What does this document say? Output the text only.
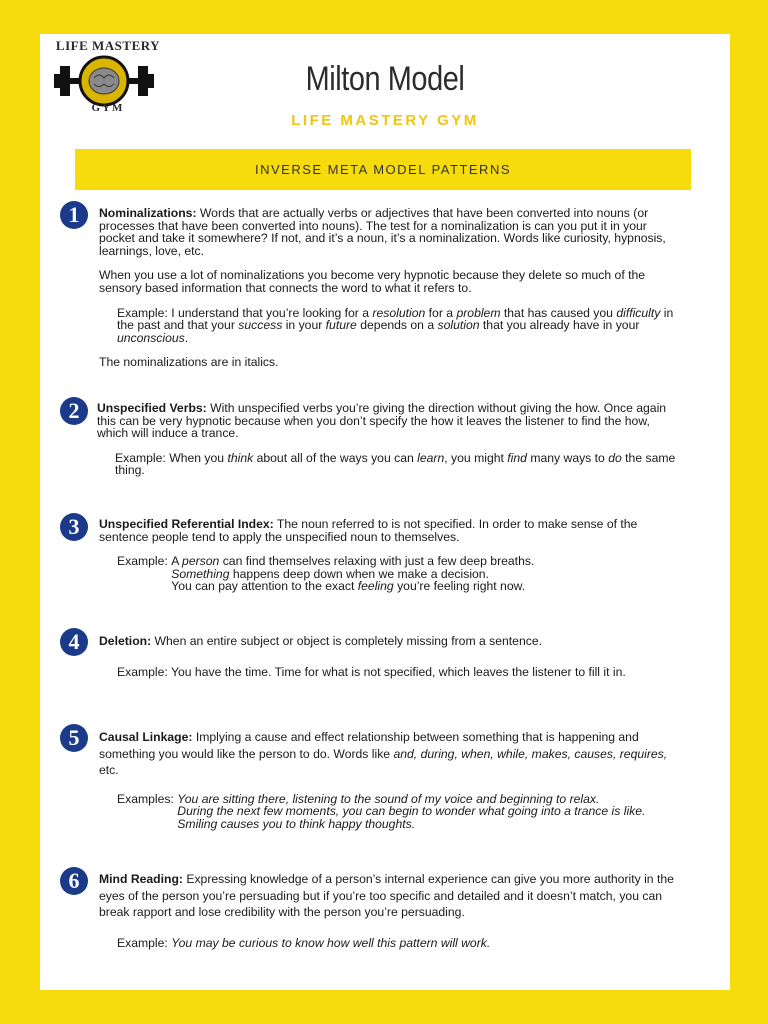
LIFE MASTERY
GYM
Milton Model
LIFE MASTERY GYM
INVERSE META MODEL PATTERNS
1	Nominalizations: Words that are actually verbs or adjectives that have been converted into nouns (or processes that have been converted into nouns). The test for a nominalization is can you put it in your pocket and take it somewhere? If not, and it’s a noun, it’s a nominalization. Words like curiosity, hypnosis, learnings, love, etc.

When you use a lot of nominalizations you become very hypnotic because they delete so much of the sensory based information that connects the word to what it refers to.

Example: I understand that you’re looking for a resolution for a problem that has caused you difficulty in the past and that your success in your future depends on a solution that you already have in your unconscious.

The nominalizations are in italics.

2	Unspecified Verbs: With unspecified verbs you’re giving the direction without giving the how. Once again this can be very hypnotic because when you don’t specify the how it leaves the listener to find the how, which will induce a trance.

Example: When you think about all of the ways you can learn, you might find many ways to do the same thing.

3	Unspecified Referential Index: The noun referred to is not specified. In order to make sense of the sentence people tend to apply the unspecified noun to themselves.

Example: A person can find themselves relaxing with just a few deep breaths.
Something happens deep down when we make a decision.
You can pay attention to the exact feeling you’re feeling right now.

4	Deletion: When an entire subject or object is completely missing from a sentence.

Example: You have the time. Time for what is not specified, which leaves the listener to fill it in.

5	Causal Linkage: Implying a cause and effect relationship between something that is happening and something you would like the person to do. Words like and, during, when, while, makes, causes, requires, etc.

Examples: You are sitting there, listening to the sound of my voice and beginning to relax.
During the next few moments, you can begin to wonder what going into a trance is like.
Smiling causes you to think happy thoughts.

6	Mind Reading: Expressing knowledge of a person’s internal experience can give you more authority in the eyes of the person you’re persuading but if you’re too specific and detailed and it doesn’t match, you can break rapport and lose credibility with the person you’re persuading.

Example: You may be curious to know how well this pattern will work.
